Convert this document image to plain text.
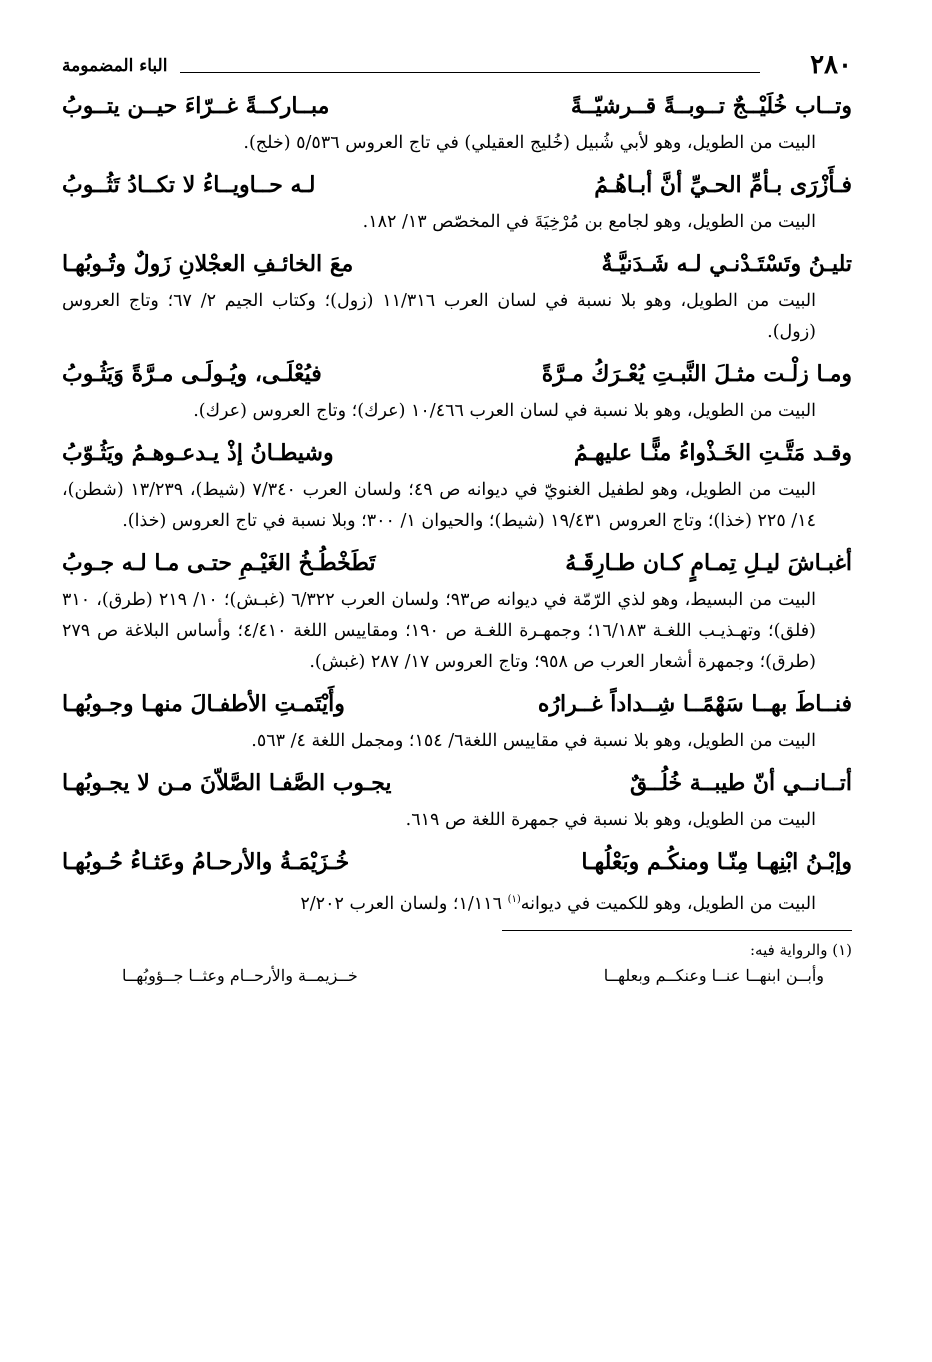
٢٨٠
الباء المضمومة
وتــاب خُلَيْــجٌ تــوبــةً قــرشيّــةً
مبــاركــةً غــرّاءَ حيــن يتــوبُ
البيت من الطويل، وهو لأبي شُبيل (خُليج العقيلي) في تاج العروس ٥/٥٣٦ (خلج).
فـأَزْرَى بـأمِّ الحـيِّ أنَّ أبـاهُـمُ
لـه حــاويــاءُ لا تكــادُ تَثُــوبُ
البيت من الطويل، وهو لجامع بن مُرْخِيَةَ في المخصّص ١٣/ ١٨٢.
تليـنُ وتَسْتَـدْنـي لـه شَـدَنيَّـةٌ
معَ الخائـفِ العجْلانِ زَولٌ وتُـوبُهـا
البيت من الطويل، وهو بلا نسبة في لسان العرب ١١/٣١٦ (زول)؛ وكتاب الجيم ٢/ ٦٧؛ وتاج العروس (زول).
ومـا زلْـت مثـلَ النَّبـتِ يُعْـرَكُ مـرَّةً
فيُعْلَـى، ويُـولَـى مـرَّةً وَيَثُـوبُ
البيت من الطويل، وهو بلا نسبة في لسان العرب ١٠/٤٦٦ (عرك)؛ وتاج العروس (عرك).
وقـد مَتَّـتِ الخَـذْواءُ منًّـا عليهـمُ
وشيطـانُ إذْ يـدعـوهـمُ ويَثُـوّبُ
البيت من الطويل، وهو لطفيل الغنويّ في ديوانه ص ٤٩؛ ولسان العرب ٧/٣٤٠ (شيط)، ١٣/٢٣٩ (شطن)، ١٤/ ٢٢٥ (خذا)؛ وتاج العروس ١٩/٤٣١ (شيط)؛ والحيوان ١/ ٣٠٠؛ وبلا نسبة في تاج العروس (خذا).
أغبـاشَ ليـلِ تِمـامٍ كـان طـارِقَـهُ
تَطَخْطُـخُ الغَيْـمِ حتـى مـا لـه جـوبُ
البيت من البسيط، وهو لذي الرّمّة في ديوانه ص٩٣؛ ولسان العرب ٦/٣٢٢ (غبـش)؛ ١٠/ ٢١٩ (طرق)، ٣١٠ (فلق)؛ وتهـذيـب اللغـة ١٦/١٨٣؛ وجمهـرة اللغـة ص ١٩٠؛ ومقاييس اللغة ٤/٤١٠؛ وأساس البلاغة ص ٢٧٩ (طرق)؛ وجمهرة أشعار العرب ص ٩٥٨؛ وتاج العروس ١٧/ ٢٨٧ (غبش).
فنــاطَ بهــا سَهْمًــا شِــداداً غــرارُه
وأَيْتَمـتِ الأطفـالَ منهـا وجـوبُهـا
البيت من الطويل، وهو بلا نسبة في مقاييس اللغة٦/ ١٥٤؛ ومجمل اللغة ٤/ ٥٦٣.
أتــانــي أنّ طيبــة خُلُــقٌ
يجـوب الصَّفـا الصَّلاّنَ مـن لا يجـوبُهـا
البيت من الطويل، وهو بلا نسبة في جمهرة اللغة ص ٦١٩.
وإبْـنُ ابْنِهـا مِنّـا ومنكُـم وبَعْلُهـا
خُـزَيْمَـةُ والأرحـامُ وعَثـاءُ حُـوبُهـا
البيت من الطويل، وهو للكميت في ديوانه$^{(١)}$ ١/١١٦؛ ولسان العرب ٢/٢٠٢
(١) والرواية فيه:
وأبــن ابنهــا عنــا وعنكــم وبعلهــا
خــزيمــة والأرحــام وعثــا جــؤوبُهــا
